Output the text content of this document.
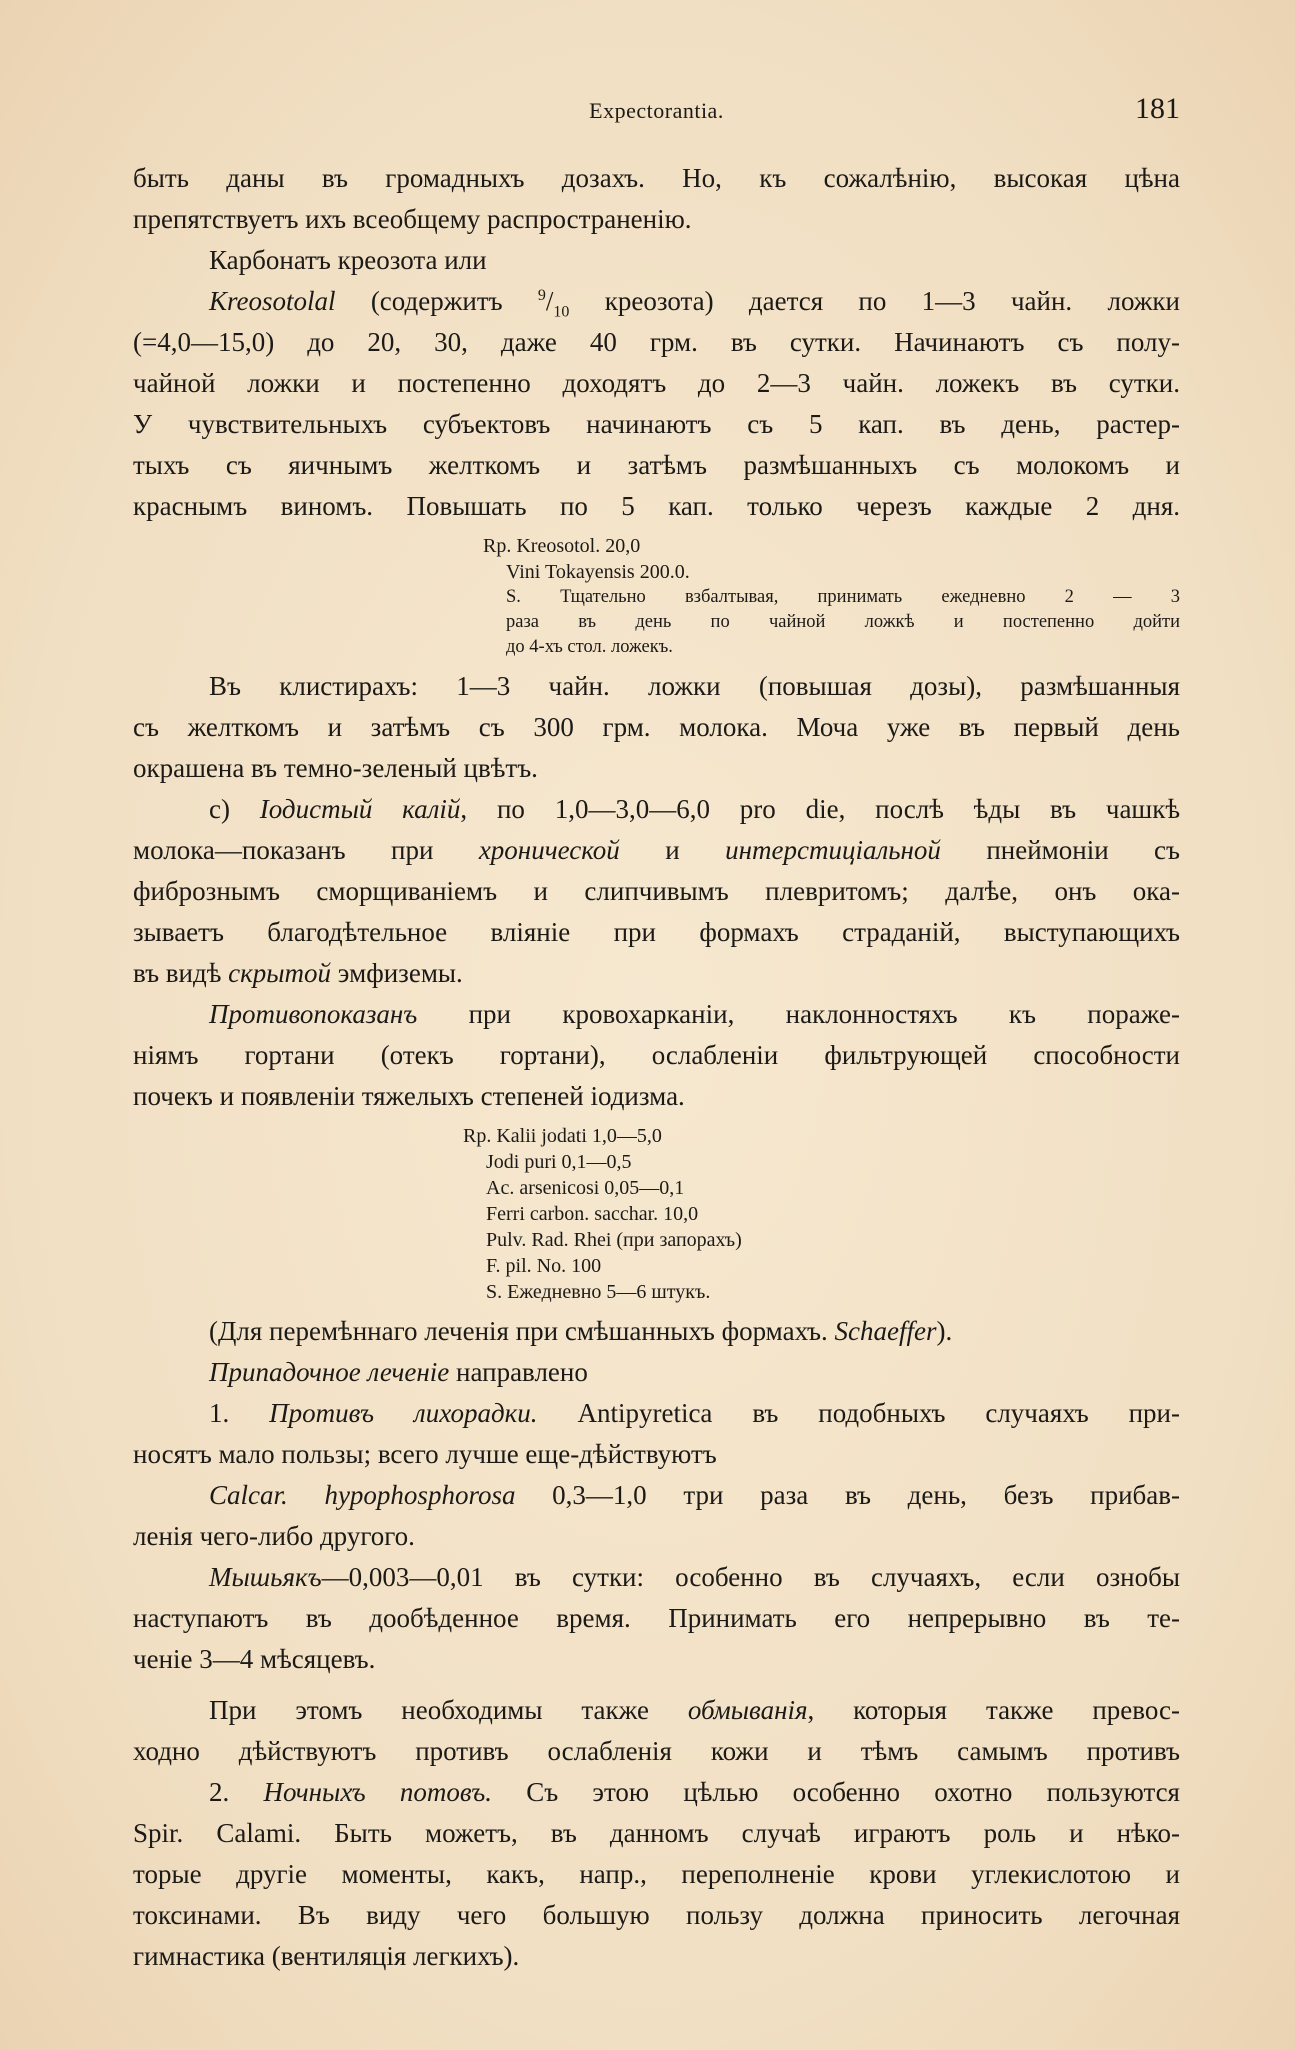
Expectorantia.	181
быть даны въ громадныхъ дозахъ. Но, къ сожалѣнію, высокая цѣна
препятствуетъ ихъ всеобщему распространенію.
Карбонатъ креозота или
Kreosotolal (содержитъ $^9/_{10}$ креозота) дается по 1—3 чайн. ложки
(=4,0—15,0) до 20, 30, даже 40 грм. въ сутки. Начинаютъ съ полу-
чайной ложки и постепенно доходятъ до 2—3 чайн. ложекъ въ сутки.
У чувствительныхъ субъектовъ начинаютъ съ 5 кап. въ день, растер-
тыхъ съ яичнымъ желткомъ и затѣмъ размѣшанныхъ съ молокомъ и
краснымъ виномъ. Повышать по 5 кап. только черезъ каждые 2 дня.
Rp. Kreosotol. 20,0
Vini Tokayensis 200.0.
S. Тщательно взбалтывая, принимать ежедневно 2 — 3
раза въ день по чайной ложкѣ и постепенно дойти
до 4-хъ стол. ложекъ.
Въ клистирахъ: 1—3 чайн. ложки (повышая дозы), размѣшанныя
съ желткомъ и затѣмъ съ 300 грм. молока. Моча уже въ первый день
окрашена въ темно-зеленый цвѣтъ.
c) Іодистый калій, по 1,0—3,0—6,0 pro die, послѣ ѣды въ чашкѣ
молока—показанъ при хронической и интерстиціальной пнеймоніи съ
фибрознымъ сморщиваніемъ и слипчивымъ плевритомъ; далѣе, онъ ока-
зываетъ благодѣтельное вліяніе при формахъ страданій, выступающихъ
въ видѣ скрытой эмфиземы.
Противопоказанъ при кровохарканіи, наклонностяхъ къ пораже-
ніямъ гортани (отекъ гортани), ослабленіи фильтрующей способности
почекъ и появленіи тяжелыхъ степеней іодизма.
Rp. Kalii jodati 1,0—5,0
Jodi puri 0,1—0,5
Ac. arsenicosi 0,05—0,1
Ferri carbon. sacchar. 10,0
Pulv. Rad. Rhei (при запорахъ)
F. pil. No. 100
S. Ежедневно 5—6 штукъ.
(Для перемѣннаго леченія при смѣшанныхъ формахъ. Schaeffer).
Припадочное леченіе направлено
1. Противъ лихорадки. Antipyretica въ подобныхъ случаяхъ при-
носятъ мало пользы; всего лучше еще-дѣйствуютъ
Calcar. hypophosphorosa 0,3—1,0 три раза въ день, безъ прибав-
ленія чего-либо другого.
Мышьякъ—0,003—0,01 въ сутки: особенно въ случаяхъ, если ознобы
наступаютъ въ дообѣденное время. Принимать его непрерывно въ те-
ченіе 3—4 мѣсяцевъ.
При этомъ необходимы также обмыванія, которыя также превос-
ходно дѣйствуютъ противъ ослабленія кожи и тѣмъ самымъ противъ
2. Ночныхъ потовъ. Съ этою цѣлью особенно охотно пользуются
Spir. Calami. Быть можетъ, въ данномъ случаѣ играютъ роль и нѣко-
торые другіе моменты, какъ, напр., переполненіе крови углекислотою и
токсинами. Въ виду чего большую пользу должна приносить легочная
гимнастика (вентиляція легкихъ).
